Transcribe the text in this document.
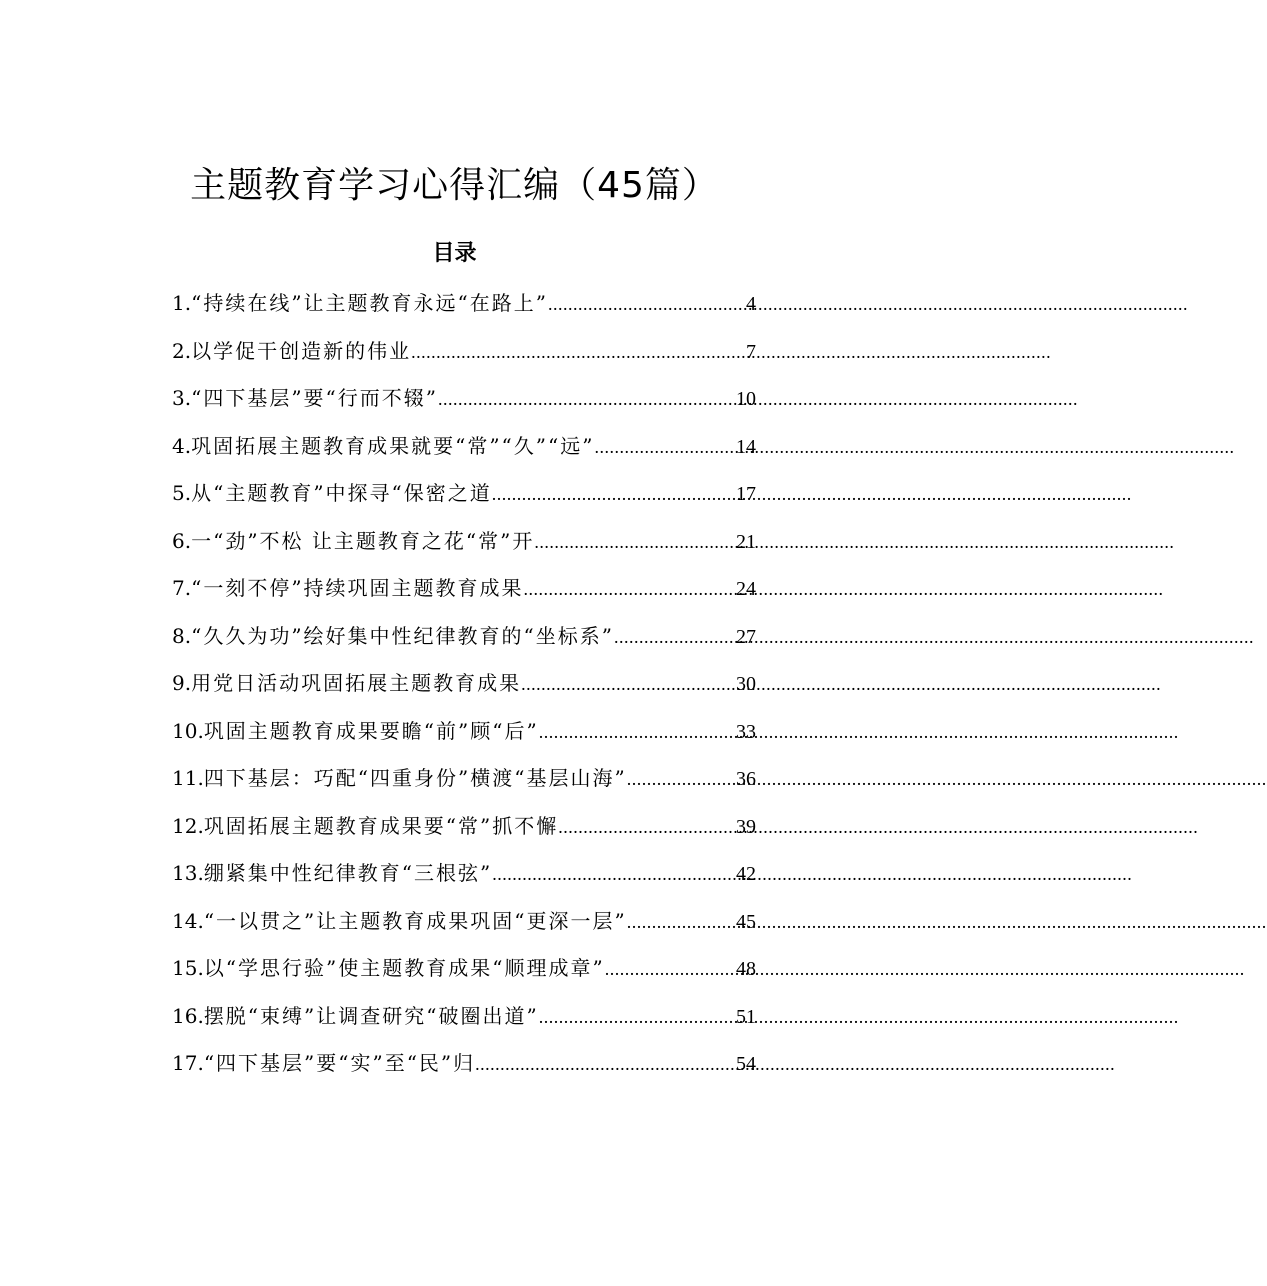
主题教育学习心得汇编（45篇）
目录
1. “持续在线”让主题教育永远“在路上” .....	4
2. 以学促干创造新的伟业 .....	7
3. “四下基层”要“行而不辍” .....	10
4. 巩固拓展主题教育成果就要“常”“久”“远” .....	14
5. 从“主题教育”中探寻“保密之道 .....	17
6. 一“劲”不松 让主题教育之花“常”开 .....	21
7. “一刻不停”持续巩固主题教育成果 .....	24
8. “久久为功”绘好集中性纪律教育的“坐标系” .....	27
9. 用党日活动巩固拓展主题教育成果 .....	30
10. 巩固主题教育成果要瞻“前”顾“后” .....	33
11. 四下基层：巧配“四重身份”横渡“基层山海” .....	36
12. 巩固拓展主题教育成果要“常”抓不懈 .....	39
13. 绷紧集中性纪律教育“三根弦” .....	42
14. “一以贯之”让主题教育成果巩固“更深一层” .....	45
15. 以“学思行验”使主题教育成果“顺理成章” .....	48
16. 摆脱“束缚”让调查研究“破圈出道” .....	51
17. “四下基层”要“实”至“民”归 .....	54
